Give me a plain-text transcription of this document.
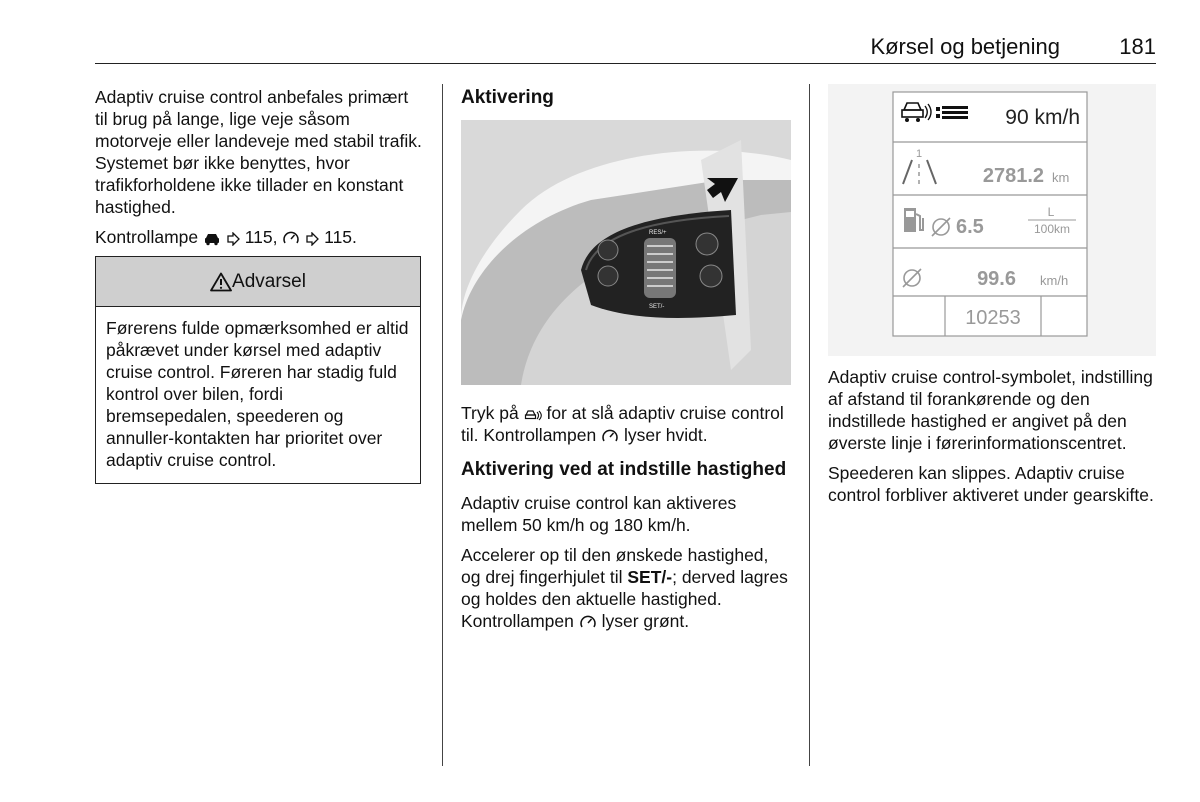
Kørsel og betjening	181

Adaptiv cruise control anbefales primært til brug på lange, lige veje såsom motorveje eller landeveje med stabil trafik. Systemet bør ikke benyttes, hvor trafikforholdene ikke tillader en konstant hastighed.

Kontrollampe	115,	115.

Advarsel
Førerens fulde opmærksomhed er altid påkrævet under kørsel med adaptiv cruise control. Føreren har stadig fuld kontrol over bilen, fordi bremsepedalen, speederen og annuller-kontakten har prioritet over adaptiv cruise control.
Aktivering
RES/+
SET/-

Tryk på for at slå adaptiv cruise control til. Kontrollampen lyser hvidt.

Aktivering ved at indstille hastighed

Adaptiv cruise control kan aktiveres mellem 50 km/h og 180 km/h.

Accelerer op til den ønskede hastighed, og drej fingerhjulet til SET/-; derved lagres og holdes den aktuelle hastighed. Kontrollampen lyser grønt.

90 km/h
1
2781.2 km
6.5
L
100km
99.6 km/h
10253

Adaptiv cruise control-symbolet, indstilling af afstand til forankørende og den indstillede hastighed er angivet på den øverste linje i førerinformationscentret.

Speederen kan slippes. Adaptiv cruise control forbliver aktiveret under gearskifte.
